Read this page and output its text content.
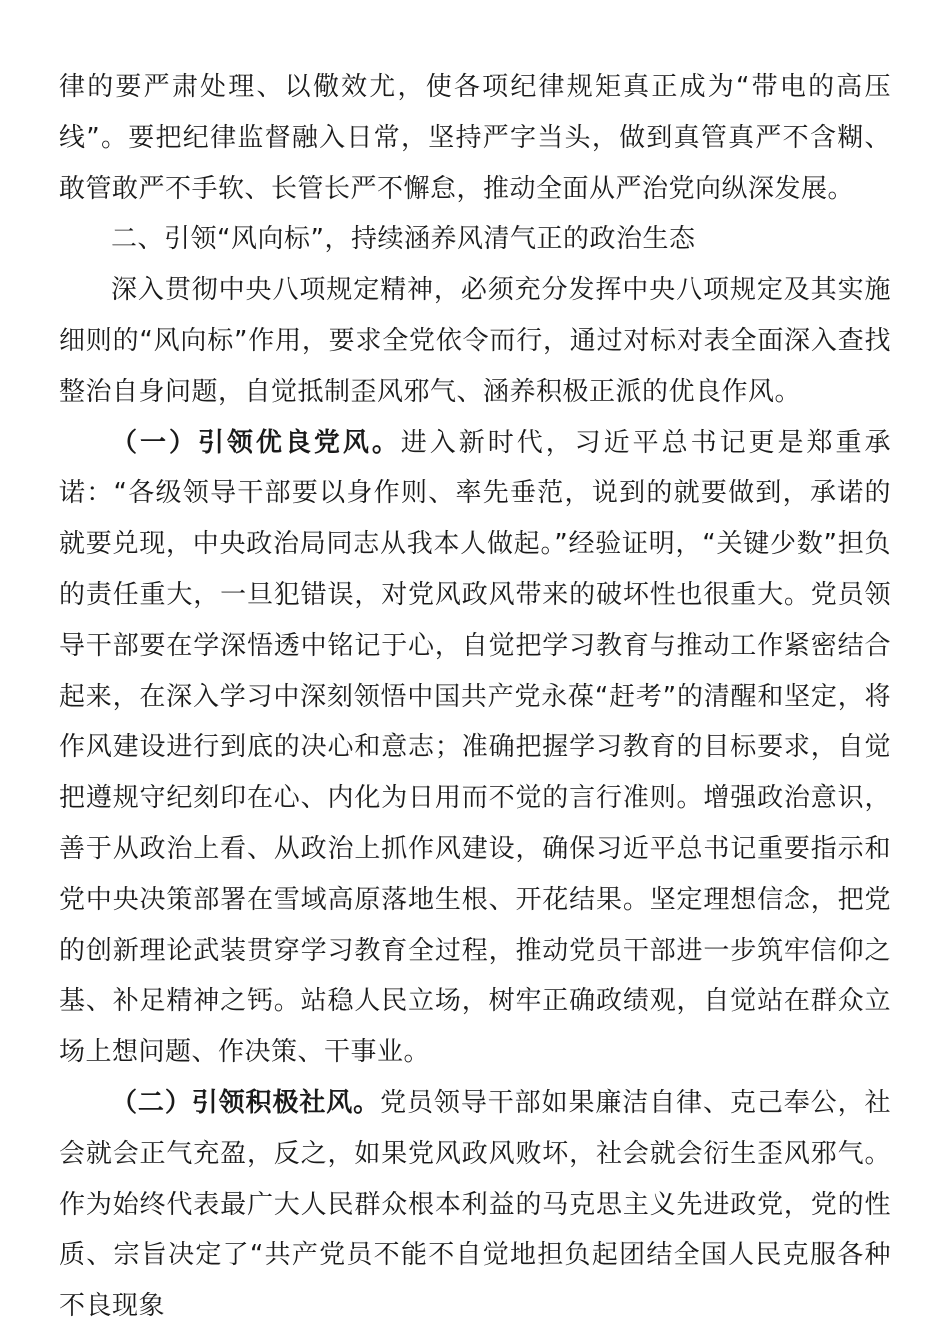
律的要严肃处理、以儆效尤，使各项纪律规矩真正成为“带电的高压线”。要把纪律监督融入日常，坚持严字当头，做到真管真严不含糊、敢管敢严不手软、长管长严不懈怠，推动全面从严治党向纵深发展。

二、引领“风向标”，持续涵养风清气正的政治生态

深入贯彻中央八项规定精神，必须充分发挥中央八项规定及其实施细则的“风向标”作用，要求全党依令而行，通过对标对表全面深入查找整治自身问题，自觉抵制歪风邪气、涵养积极正派的优良作风。

（一）引领优良党风。进入新时代，习近平总书记更是郑重承诺：“各级领导干部要以身作则、率先垂范，说到的就要做到，承诺的就要兑现，中央政治局同志从我本人做起。”经验证明，“关键少数”担负的责任重大，一旦犯错误，对党风政风带来的破坏性也很重大。党员领导干部要在学深悟透中铭记于心，自觉把学习教育与推动工作紧密结合起来，在深入学习中深刻领悟中国共产党永葆“赶考”的清醒和坚定，将作风建设进行到底的决心和意志；准确把握学习教育的目标要求，自觉把遵规守纪刻印在心、内化为日用而不觉的言行准则。增强政治意识，善于从政治上看、从政治上抓作风建设，确保习近平总书记重要指示和党中央决策部署在雪域高原落地生根、开花结果。坚定理想信念，把党的创新理论武装贯穿学习教育全过程，推动党员干部进一步筑牢信仰之基、补足精神之钙。站稳人民立场，树牢正确政绩观，自觉站在群众立场上想问题、作决策、干事业。

（二）引领积极社风。党员领导干部如果廉洁自律、克己奉公，社会就会正气充盈，反之，如果党风政风败坏，社会就会衍生歪风邪气。作为始终代表最广大人民群众根本利益的马克思主义先进政党，党的性质、宗旨决定了“共产党员不能不自觉地担负起团结全国人民克服各种不良现象
